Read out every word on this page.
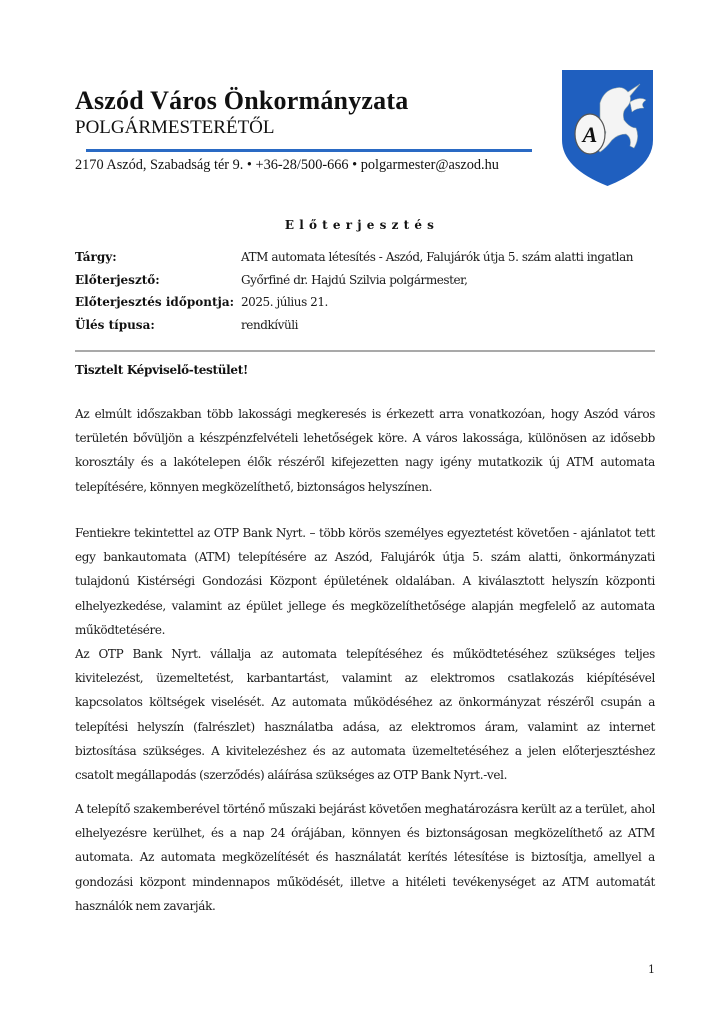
Aszód Város Önkormányzata
POLGÁRMESTERÉTŐL
2170 Aszód, Szabadság tér 9. • +36-28/500-666 • polgarmester@aszod.hu
A
Előterjesztés
Tárgy:	ATM automata létesítés - Aszód, Falujárók útja 5. szám alatti ingatlan
Előterjesztő:	Győrfiné dr. Hajdú Szilvia polgármester,
Előterjesztés időpontja: 2025. július 21.
Ülés típusa:	rendkívüli
Tisztelt Képviselő-testület!

Az elmúlt időszakban több lakossági megkeresés is érkezett arra vonatkozóan, hogy Aszód város területén bővüljön a készpénzfelvételi lehetőségek köre. A város lakossága, különösen az idősebb korosztály és a lakótelepen élők részéről kifejezetten nagy igény mutatkozik új ATM automata telepítésére, könnyen megközelíthető, biztonságos helyszínen.

Fentiekre tekintettel az OTP Bank Nyrt. – több körös személyes egyeztetést követően - ajánlatot tett egy bankautomata (ATM) telepítésére az Aszód, Falujárók útja 5. szám alatti, önkormányzati tulajdonú Kistérségi Gondozási Központ épületének oldalában. A kiválasztott helyszín központi elhelyezkedése, valamint az épület jellege és megközelíthetősége alapján megfelelő az automata működtetésére.

Az OTP Bank Nyrt. vállalja az automata telepítéséhez és működtetéséhez szükséges teljes kivitelezést, üzemeltetést, karbantartást, valamint az elektromos csatlakozás kiépítésével kapcsolatos költségek viselését. Az automata működéséhez az önkormányzat részéről csupán a telepítési helyszín (falrészlet) használatba adása, az elektromos áram, valamint az internet biztosítása szükséges. A kivitelezéshez és az automata üzemeltetéséhez a jelen előterjesztéshez csatolt megállapodás (szerződés) aláírása szükséges az OTP Bank Nyrt.-vel.

A telepítő szakemberével történő műszaki bejárást követően meghatározásra került az a terület, ahol elhelyezésre kerülhet, és a nap 24 órájában, könnyen és biztonságosan megközelíthető az ATM automata. Az automata megközelítését és használatát kerítés létesítése is biztosítja, amellyel a gondozási központ mindennapos működését, illetve a hitéleti tevékenységet az ATM automatát használók nem zavarják.

1
